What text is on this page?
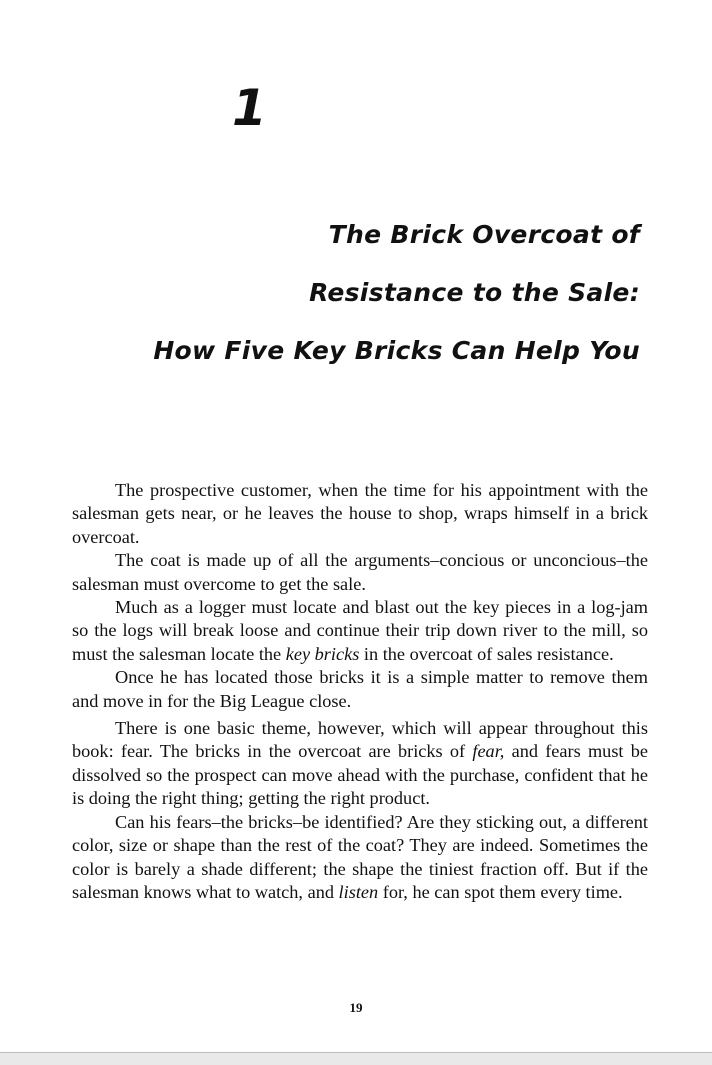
1
The Brick Overcoat of
Resistance to the Sale:
How Five Key Bricks Can Help You

The prospective customer, when the time for his appointment with the salesman gets near, or he leaves the house to shop, wraps himself in a brick overcoat.

The coat is made up of all the arguments–concious or unconcious–the salesman must overcome to get the sale.

Much as a logger must locate and blast out the key pieces in a log-jam so the logs will break loose and continue their trip down river to the mill, so must the salesman locate the key bricks in the overcoat of sales resistance.

Once he has located those bricks it is a simple matter to remove them and move in for the Big League close.

There is one basic theme, however, which will appear throughout this book: fear. The bricks in the overcoat are bricks of fear, and fears must be dissolved so the prospect can move ahead with the purchase, confident that he is doing the right thing; getting the right product.

Can his fears–the bricks–be identified? Are they sticking out, a different color, size or shape than the rest of the coat? They are indeed. Sometimes the color is barely a shade different; the shape the tiniest fraction off. But if the salesman knows what to watch, and listen for, he can spot them every time.

19
